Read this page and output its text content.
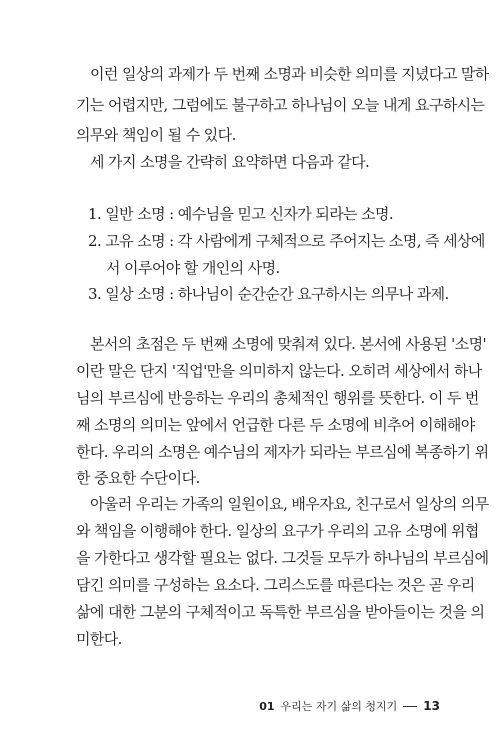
이런 일상의 과제가 두 번째 소명과 비슷한 의미를 지녔다고 말하

기는 어렵지만, 그럼에도 불구하고 하나님이 오늘 내게 요구하시는

의무와 책임이 될 수 있다.

세 가지 소명을 간략히 요약하면 다음과 같다.

1. 일반 소명 : 예수님을 믿고 신자가 되라는 소명.

2. 고유 소명 : 각 사람에게 구체적으로 주어지는 소명, 즉 세상에

서 이루어야 할 개인의 사명.

3. 일상 소명 : 하나님이 순간순간 요구하시는 의무나 과제.

본서의 초점은 두 번째 소명에 맞춰져 있다. 본서에 사용된 '소명'

이란 말은 단지 '직업'만을 의미하지 않는다. 오히려 세상에서 하나

님의 부르심에 반응하는 우리의 총체적인 행위를 뜻한다. 이 두 번

째 소명의 의미는 앞에서 언급한 다른 두 소명에 비추어 이해해야

한다. 우리의 소명은 예수님의 제자가 되라는 부르심에 복종하기 위

한 중요한 수단이다.

아울러 우리는 가족의 일원이요, 배우자요, 친구로서 일상의 의무

와 책임을 이행해야 한다. 일상의 요구가 우리의 고유 소명에 위협

을 가한다고 생각할 필요는 없다. 그것들 모두가 하나님의 부르심에

담긴 의미를 구성하는 요소다. 그리스도를 따른다는 것은 곧 우리

삶에 대한 그분의 구체적이고 독특한 부르심을 받아들이는 것을 의

미한다.

01 우리는 자기 삶의 청지기 13
